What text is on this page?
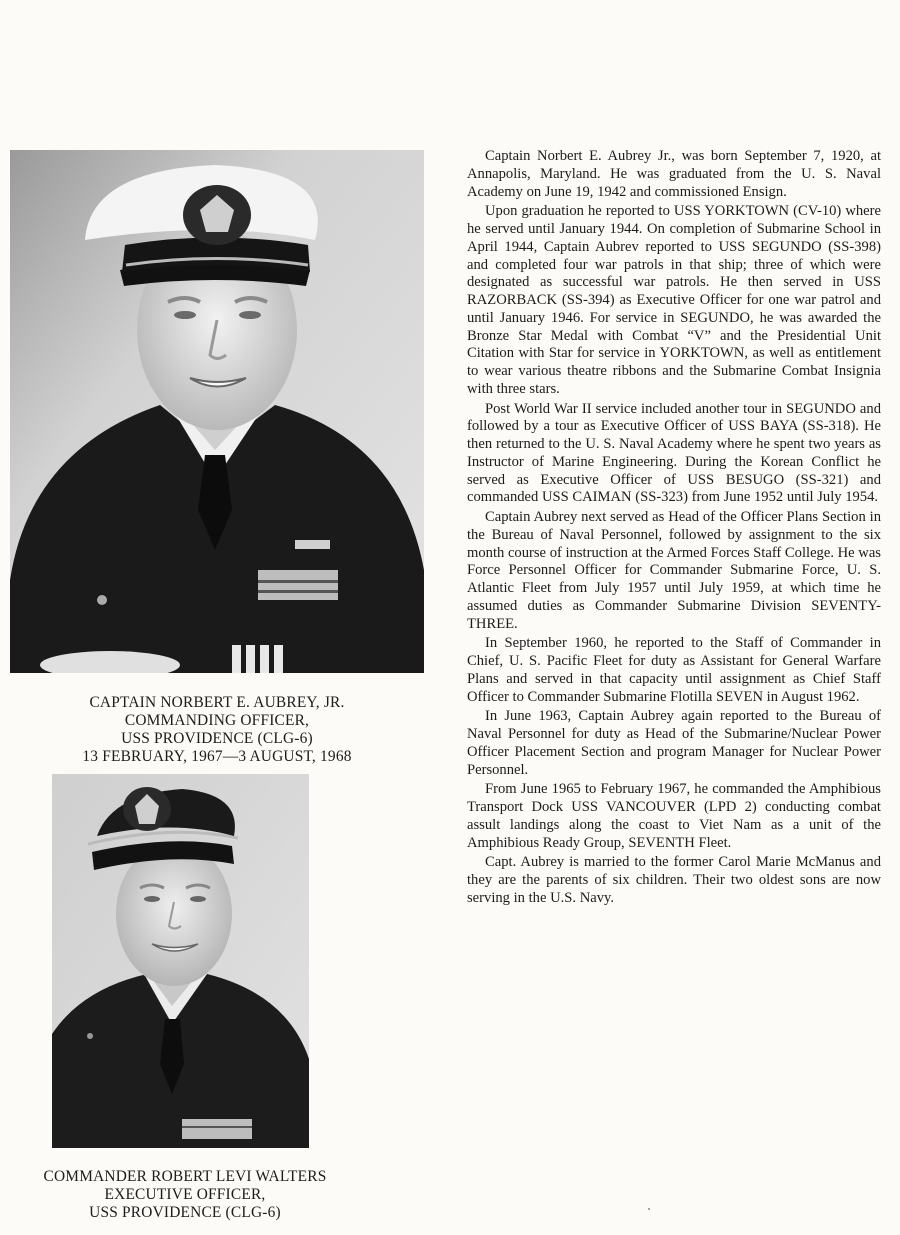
CAPTAIN NORBERT E. AUBREY, JR.
COMMANDING OFFICER,
USS PROVIDENCE (CLG-6)
13 FEBRUARY, 1967—3 AUGUST, 1968
COMMANDER ROBERT LEVI WALTERS
EXECUTIVE OFFICER,
USS PROVIDENCE (CLG-6)

Captain Norbert E. Aubrey Jr., was born September 7, 1920, at Annapolis, Maryland. He was graduated from the U. S. Naval Academy on June 19, 1942 and commissioned Ensign.

Upon graduation he reported to USS YORKTOWN (CV-10) where he served until January 1944. On completion of Submarine School in April 1944, Captain Aubrev reported to USS SEGUNDO (SS-398) and completed four war patrols in that ship; three of which were designated as successful war patrols. He then served in USS RAZORBACK (SS-394) as Executive Officer for one war patrol and until January 1946. For service in SEGUNDO, he was awarded the Bronze Star Medal with Combat “V” and the Presidential Unit Citation with Star for service in YORKTOWN, as well as entitlement to wear various theatre ribbons and the Submarine Combat Insignia with three stars.

Post World War II service included another tour in SEGUNDO and followed by a tour as Executive Officer of USS BAYA (SS-318). He then returned to the U. S. Naval Academy where he spent two years as Instructor of Marine Engineering. During the Korean Conflict he served as Executive Officer of USS BESUGO (SS-321) and commanded USS CAIMAN (SS-323) from June 1952 until July 1954.

Captain Aubrey next served as Head of the Officer Plans Section in the Bureau of Naval Personnel, followed by assignment to the six month course of instruction at the Armed Forces Staff College. He was Force Personnel Officer for Commander Submarine Force, U. S. Atlantic Fleet from July 1957 until July 1959, at which time he assumed duties as Commander Submarine Division SEVENTY-THREE.

In September 1960, he reported to the Staff of Commander in Chief, U. S. Pacific Fleet for duty as Assistant for General Warfare Plans and served in that capacity until assignment as Chief Staff Officer to Commander Submarine Flotilla SEVEN in August 1962.

In June 1963, Captain Aubrey again reported to the Bureau of Naval Personnel for duty as Head of the Submarine/Nuclear Power Officer Placement Section and program Manager for Nuclear Power Personnel.

From June 1965 to February 1967, he commanded the Amphibious Transport Dock USS VANCOUVER (LPD 2) conducting combat assult landings along the coast to Viet Nam as a unit of the Amphibious Ready Group, SEVENTH Fleet.

Capt. Aubrey is married to the former Carol Marie McManus and they are the parents of six children. Their two oldest sons are now serving in the U.S. Navy.
